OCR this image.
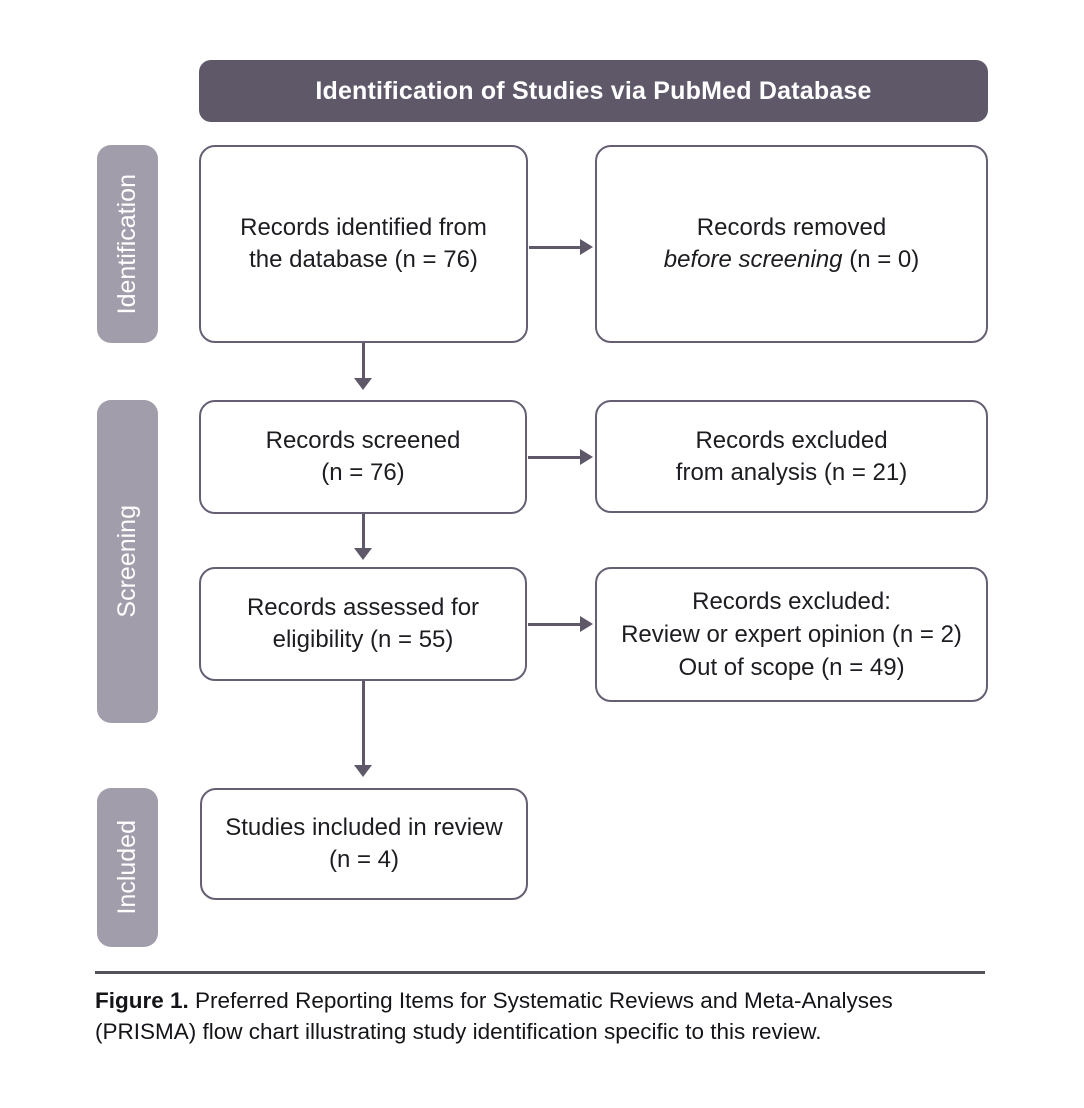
Identification of Studies via PubMed Database
Identification
Screening
Included
Records identified from
the database (n = 76)
Records removed
before screening (n = 0)
Records screened
(n = 76)
Records excluded
from analysis (n = 21)
Records assessed for
eligibility (n = 55)
Records excluded:
Review or expert opinion (n = 2)
Out of scope (n = 49)
Studies included in review
(n = 4)
Figure 1. Preferred Reporting Items for Systematic Reviews and Meta-Analyses
(PRISMA) flow chart illustrating study identification specific to this review.
